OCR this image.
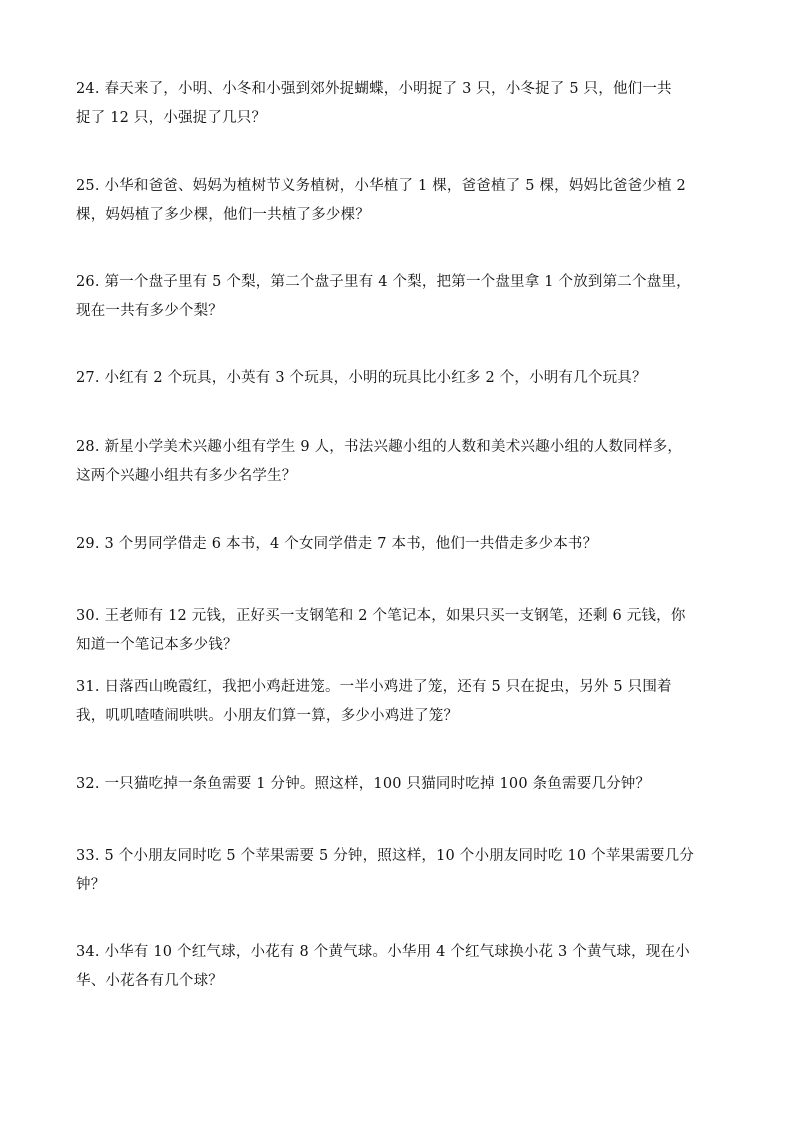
24. 春天来了，小明、小冬和小强到郊外捉蝴蝶，小明捉了 3 只，小冬捉了 5 只，他们一共
捉了 12 只，小强捉了几只？
25. 小华和爸爸、妈妈为植树节义务植树，小华植了 1 棵，爸爸植了 5 棵，妈妈比爸爸少植 2
棵，妈妈植了多少棵，他们一共植了多少棵？
26. 第一个盘子里有 5 个梨，第二个盘子里有 4 个梨，把第一个盘里拿 1 个放到第二个盘里，
现在一共有多少个梨？
27. 小红有 2 个玩具，小英有 3 个玩具，小明的玩具比小红多 2 个，小明有几个玩具？
28. 新星小学美术兴趣小组有学生 9 人，书法兴趣小组的人数和美术兴趣小组的人数同样多，
这两个兴趣小组共有多少名学生？
29. 3 个男同学借走 6 本书，4 个女同学借走 7 本书，他们一共借走多少本书？
30. 王老师有 12 元钱，正好买一支钢笔和 2 个笔记本，如果只买一支钢笔，还剩 6 元钱，你
知道一个笔记本多少钱？
31. 日落西山晚霞红，我把小鸡赶进笼。一半小鸡进了笼，还有 5 只在捉虫，另外 5 只围着
我，叽叽喳喳闹哄哄。小朋友们算一算，多少小鸡进了笼？
32. 一只猫吃掉一条鱼需要 1 分钟。照这样，100 只猫同时吃掉 100 条鱼需要几分钟？
33. 5 个小朋友同时吃 5 个苹果需要 5 分钟，照这样，10 个小朋友同时吃 10 个苹果需要几分
钟？
34. 小华有 10 个红气球，小花有 8 个黄气球。小华用 4 个红气球换小花 3 个黄气球，现在小
华、小花各有几个球？
